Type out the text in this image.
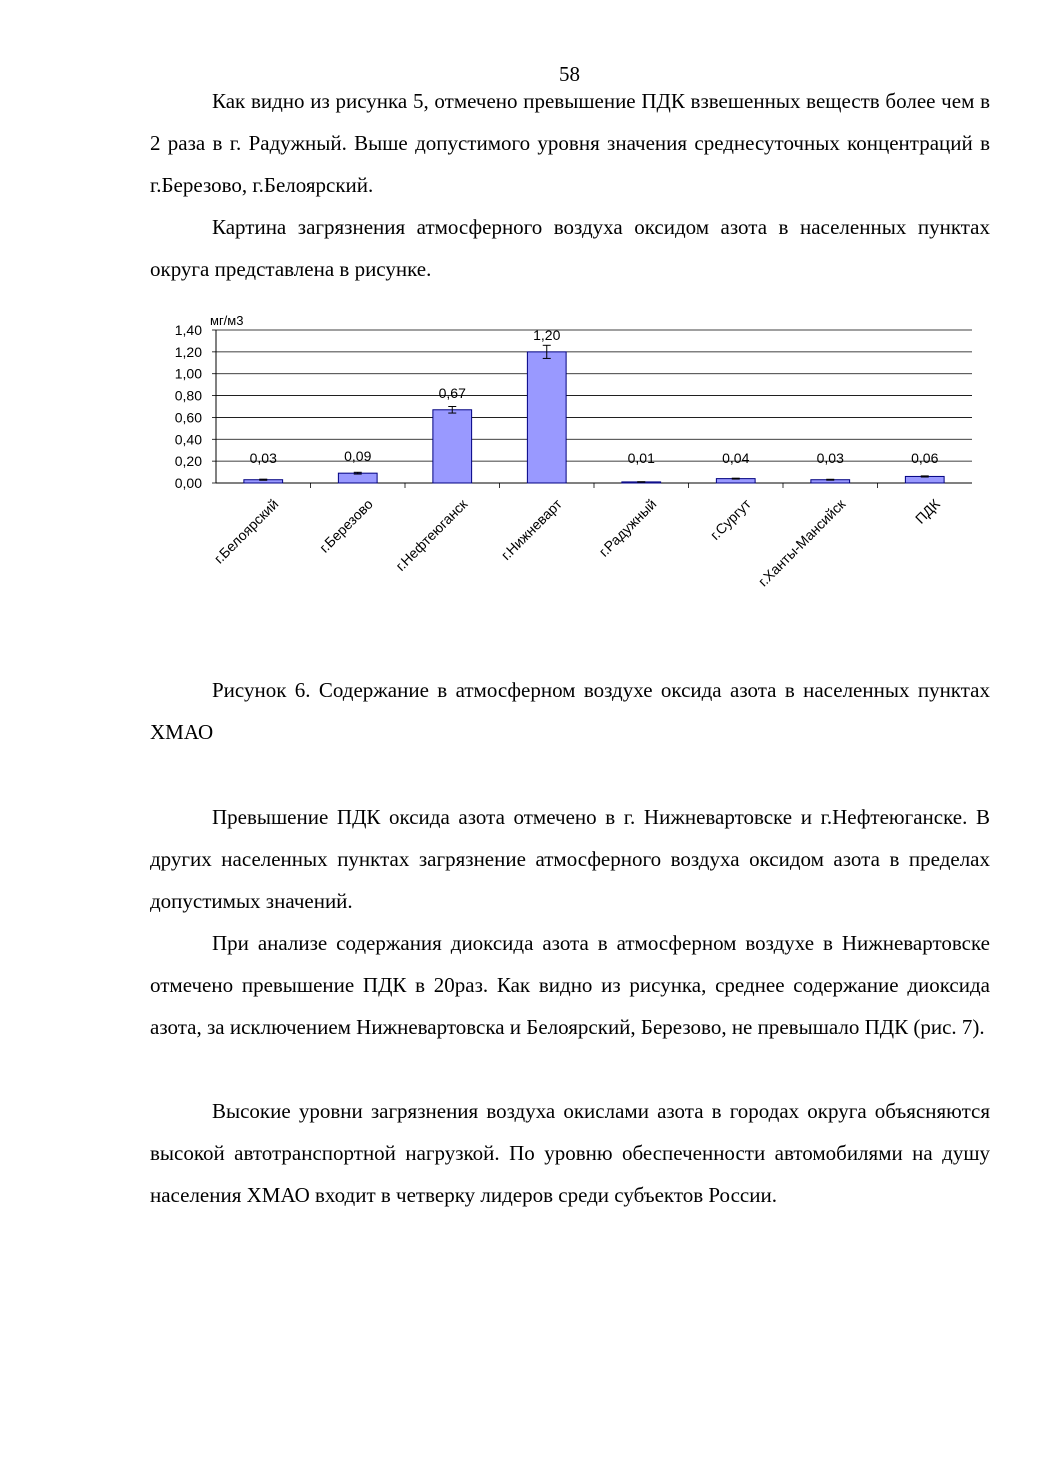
58

Как видно из рисунка 5, отмечено превышение ПДК взвешенных веществ более чем в 2 раза в г. Радужный. Выше допустимого уровня значения среднесуточных концентраций в г.Березово, г.Белоярский.

Картина загрязнения атмосферного воздуха оксидом азота в населенных пунктах округа представлена в рисунке.

0,00
0,20
0,40
0,60
0,80
1,00
1,20
1,40
0,03	0,09
0,67
1,20
0,01	0,04	0,03	0,06
г.Белоярский г.Березово г.Нефтеюганск г.Нижневарт г.Радужный	г.Сургут г.Ханты-Мансийск	ПДК
мг/м3

Рисунок 6. Содержание в атмосферном воздухе оксида азота в населенных пунктах ХМАО

Превышение ПДК оксида азота отмечено в г. Нижневартовске и г.Нефтеюганске. В других населенных пунктах загрязнение атмосферного воздуха оксидом азота в пределах допустимых значений.

При анализе содержания диоксида азота в атмосферном воздухе в Нижневартовске отмечено превышение ПДК в 20раз. Как видно из рисунка, среднее содержание диоксида азота, за исключением Нижневартовска и Белоярский, Березово, не превышало ПДК (рис. 7).

Высокие уровни загрязнения воздуха окислами азота в городах округа объясняются высокой автотранспортной нагрузкой. По уровню обеспеченности автомобилями на душу населения ХМАО входит в четверку лидеров среди субъектов России.
